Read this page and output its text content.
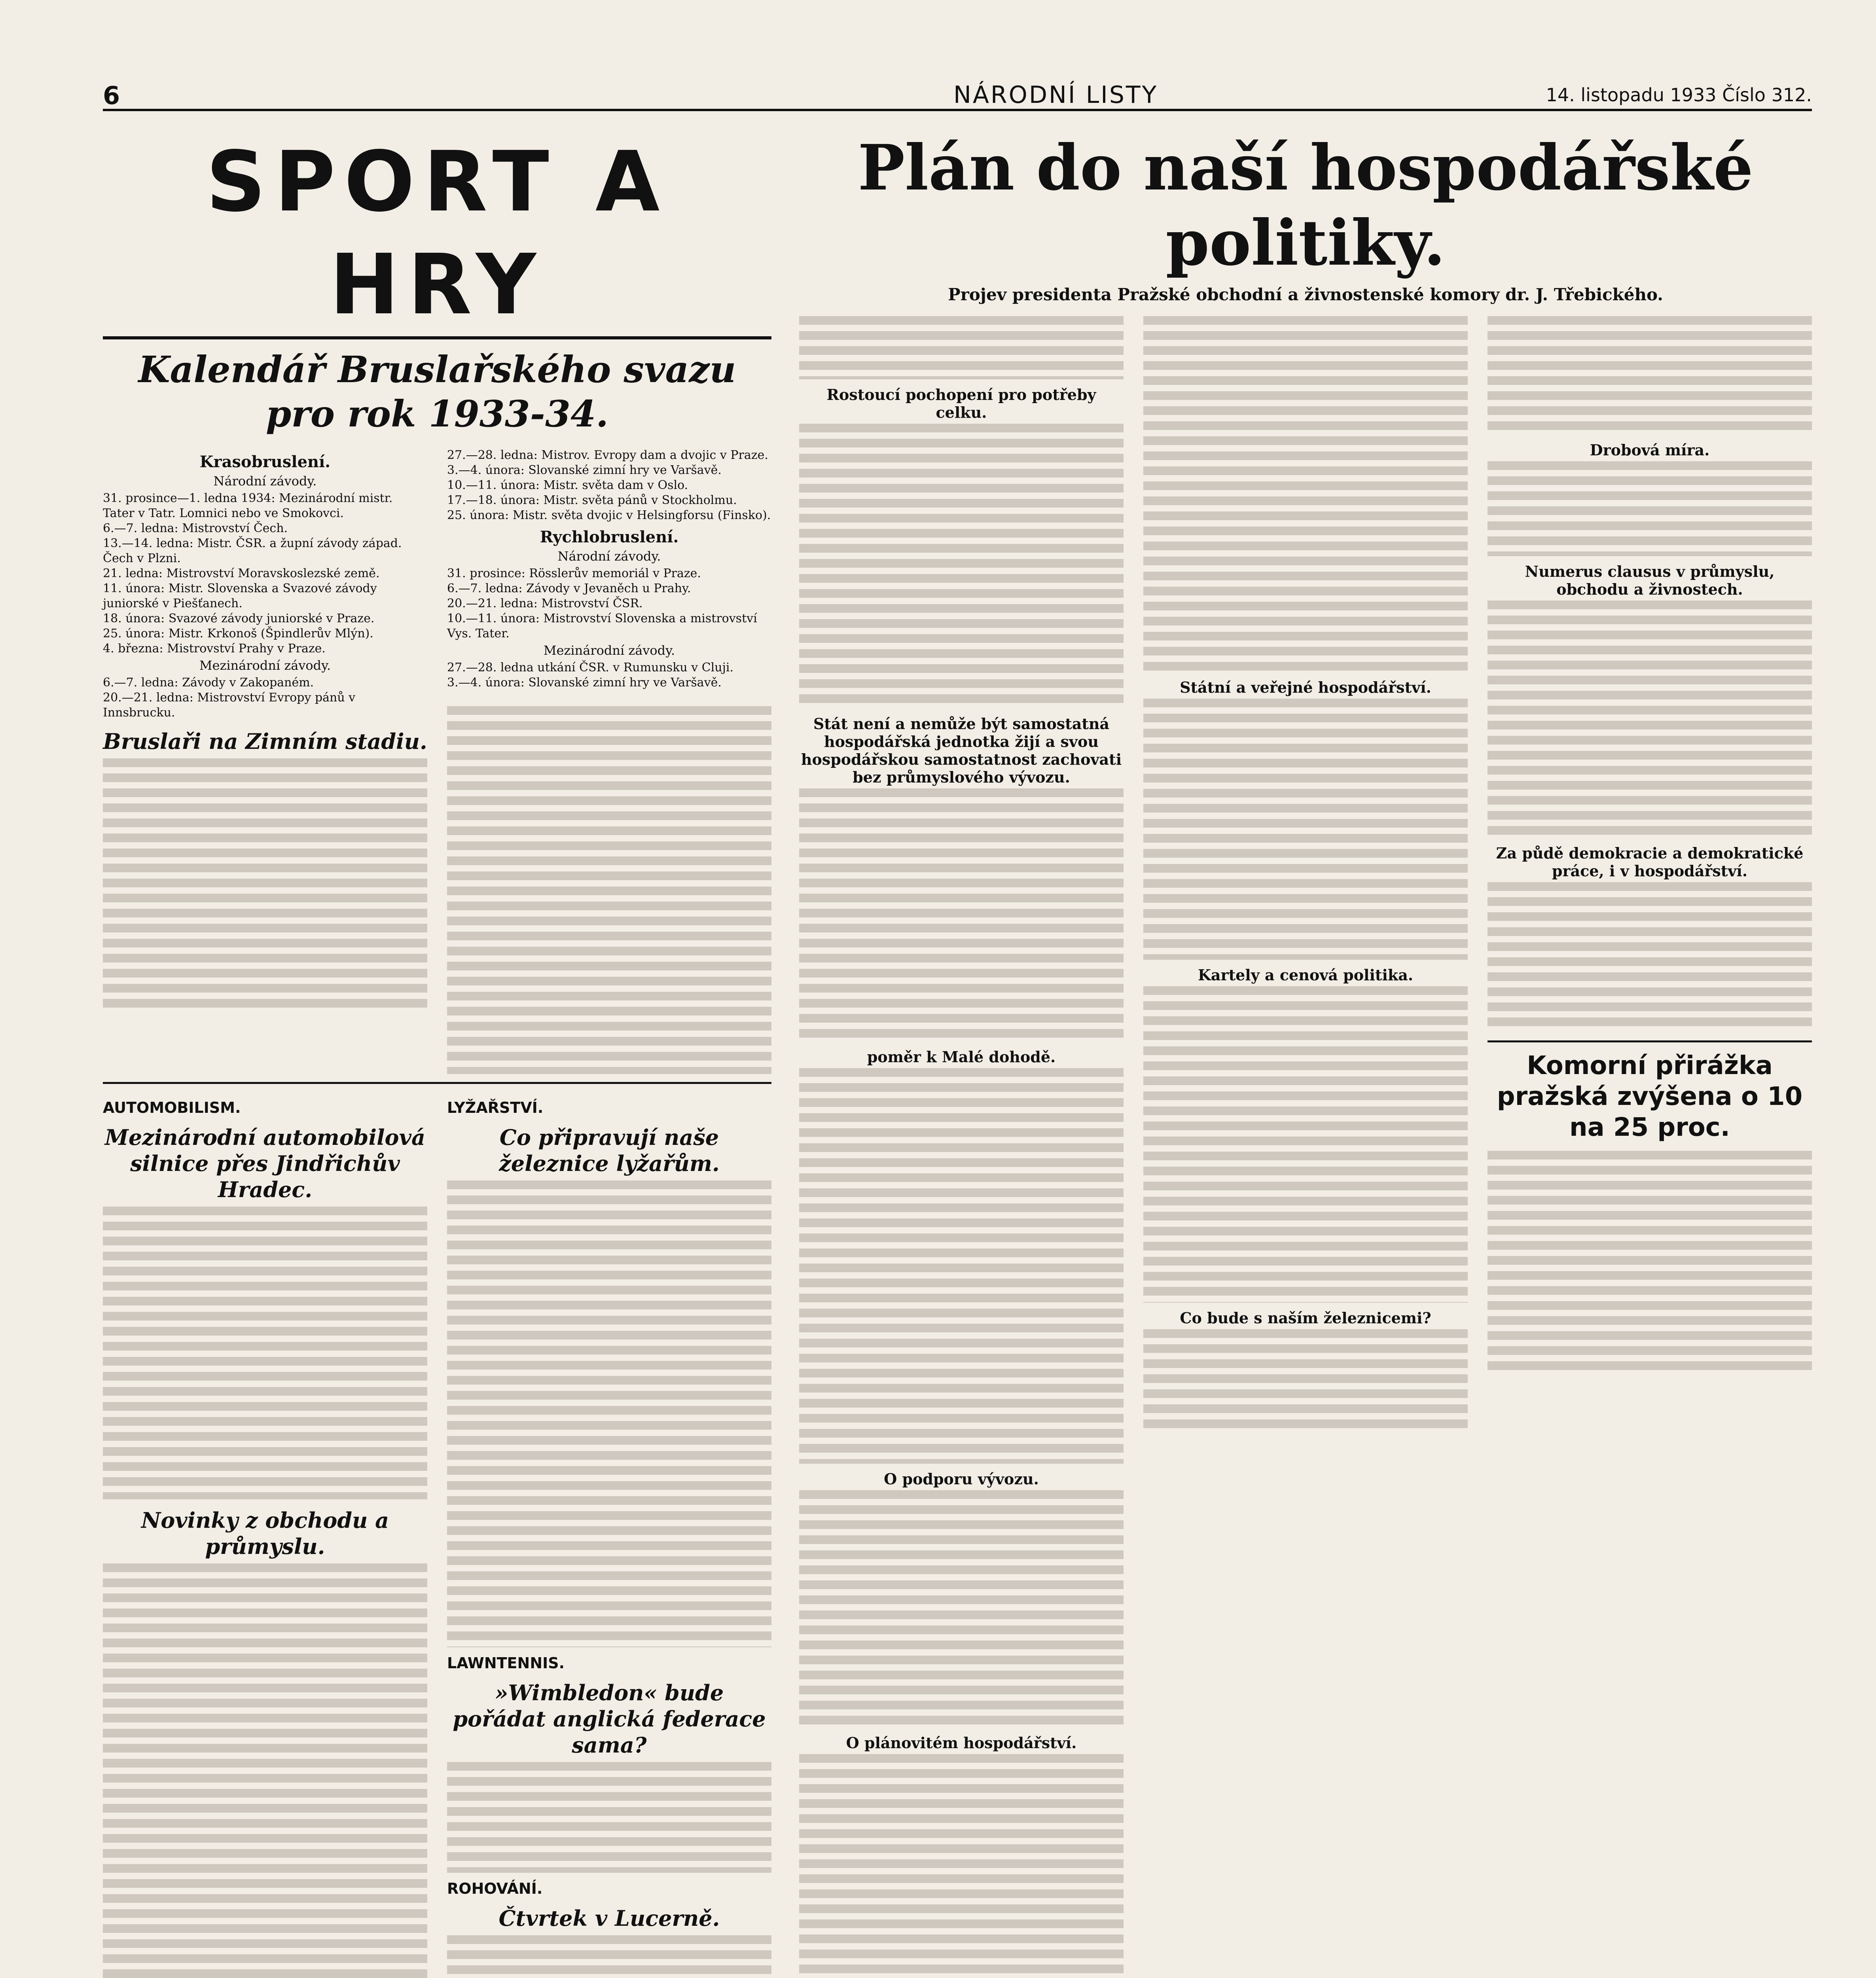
6	NÁRODNÍ LISTY	14. listopadu 1933 Číslo 312.
SPORT A HRY
Kalendář Bruslařského svazu pro rok 1933-34.
Krasobruslení.
Národní závody.

31. prosince—1. ledna 1934: Mezinárodní mistr. Tater v Tatr. Lomnici nebo ve Smokovci.

6.—7. ledna: Mistrovství Čech.

13.—14. ledna: Mistr. ČSR. a župní závody západ. Čech v Plzni.

21. ledna: Mistrovství Moravskoslezské země.

11. února: Mistr. Slovenska a Svazové závody juniorské v Piešťanech.

18. února: Svazové závody juniorské v Praze.

25. února: Mistr. Krkonoš (Špindlerův Mlýn).

4. března: Mistrovství Prahy v Praze.

Mezinárodní závody.

6.—7. ledna: Závody v Zakopaném.

20.—21. ledna: Mistrovství Evropy pánů v Innsbrucku.

Bruslaři na Zimním stadiu.

27.—28. ledna: Mistrov. Evropy dam a dvojic v Praze.

3.—4. února: Slovanské zimní hry ve Varšavě.

10.—11. února: Mistr. světa dam v Oslo.

17.—18. února: Mistr. světa pánů v Stockholmu.

25. února: Mistr. světa dvojic v Helsingforsu (Finsko).

Rychlobruslení.
Národní závody.

31. prosince: Rösslerův memoriál v Praze.

6.—7. ledna: Závody v Jevaněch u Prahy.

20.—21. ledna: Mistrovství ČSR.

10.—11. února: Mistrovství Slovenska a mistrovství Vys. Tater.

Mezinárodní závody.

27.—28. ledna utkání ČSR. v Rumunsku v Cluji.

3.—4. února: Slovanské zimní hry ve Varšavě.

AUTOMOBILISM.
Mezinárodní automobilová silnice přes Jindřichův Hradec.
Novinky z obchodu a průmyslu.
LYŽAŘSTVÍ.
Co připravují naše železnice lyžařům.
LAWNTENNIS.
»Wimbledon« bude pořádat anglická federace sama?
ROHOVÁNÍ.
Čtvrtek v Lucerně.
Plán do naší hospodářské politiky.
Projev presidenta Pražské obchodní a živnostenské komory dr. J. Třebického.
Rostoucí pochopení pro potřeby celku.
Stát není a nemůže být samostatná hospodářská jednotka žijí a svou hospodářskou samostatnost zachovati bez průmyslového vývozu.
poměr k Malé dohodě.
O podporu vývozu.
O plánovitém hospodářství.
Státní a veřejné hospodářství.
Kartely a cenová politika.
Co bude s naším železnicemi?
Drobová míra.
Numerus clausus v průmyslu, obchodu a živnostech.
Za půdě demokracie a demokratické práce, i v hospodářství.
Komorní přirážka pražská zvýšena o 10 na 25 proc.
